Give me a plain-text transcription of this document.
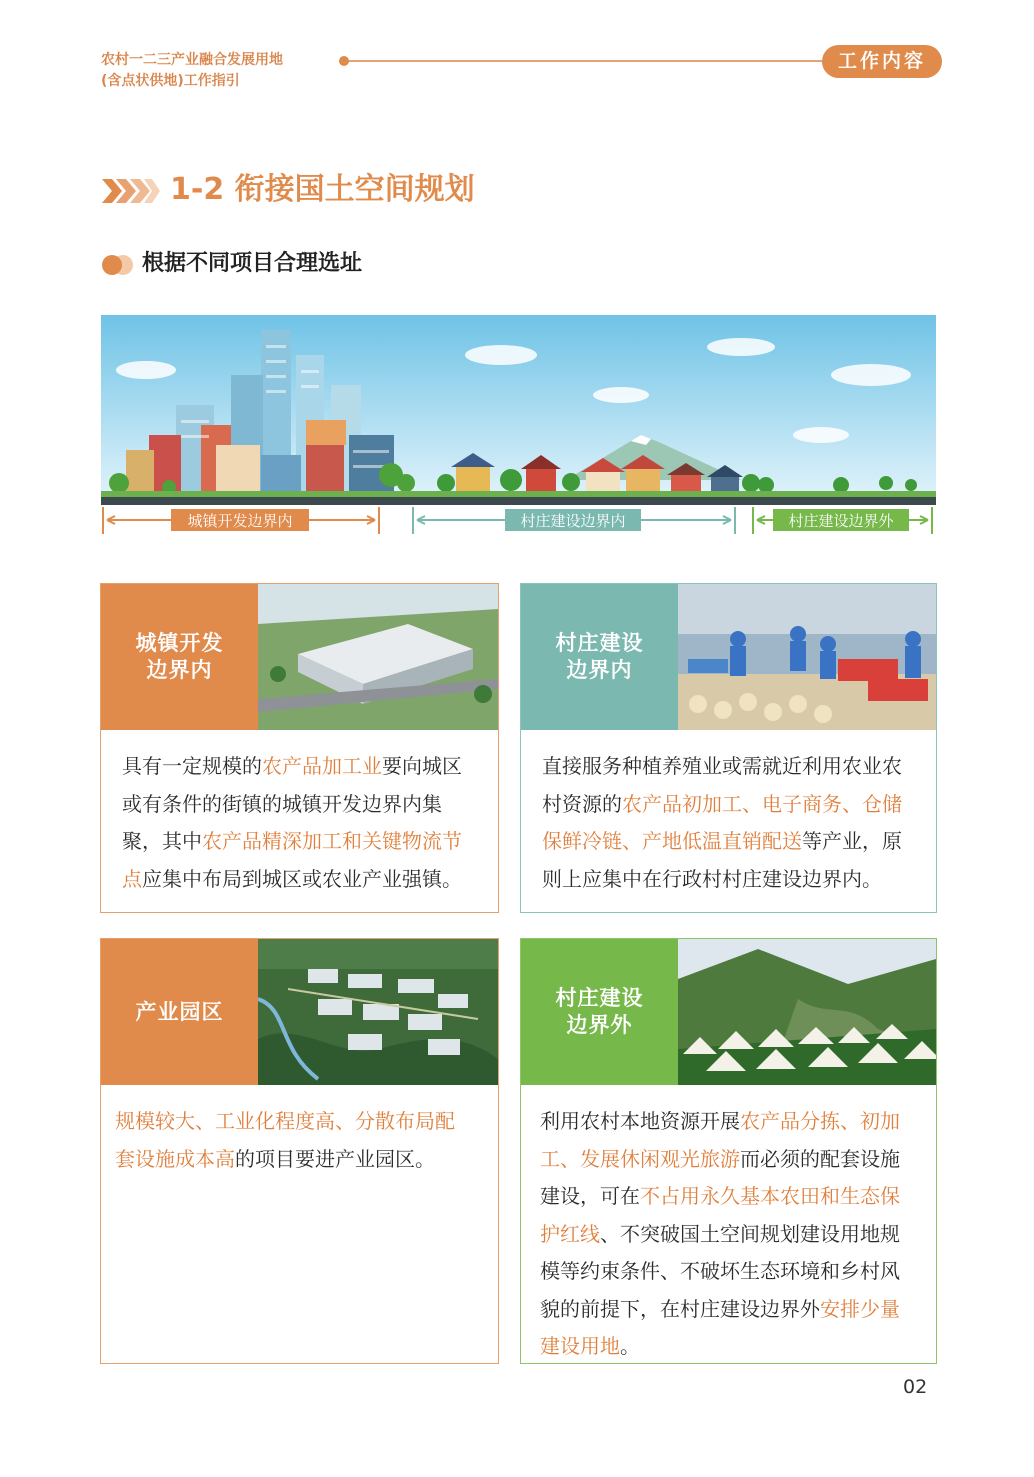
农村一二三产业融合发展用地
(含点状供地)工作指引
工作内容
1-2 衔接国土空间规划
根据不同项目合理选址
城镇开发边界内	村庄建设边界内	村庄建设边界外
城镇开发
边界内
具有一定规模的农产品加工业要向城区
或有条件的街镇的城镇开发边界内集
聚，其中农产品精深加工和关键物流节
点应集中布局到城区或农业产业强镇。
村庄建设
边界内
直接服务种植养殖业或需就近利用农业农
村资源的农产品初加工、电子商务、仓储
保鲜冷链、产地低温直销配送等产业，原
则上应集中在行政村村庄建设边界内。
产业园区
规模较大、工业化程度高、分散布局配
套设施成本高的项目要进产业园区。
村庄建设
边界外
利用农村本地资源开展农产品分拣、初加
工、发展休闲观光旅游而必须的配套设施
建设，可在不占用永久基本农田和生态保
护红线、不突破国土空间规划建设用地规
模等约束条件、不破坏生态环境和乡村风
貌的前提下，在村庄建设边界外安排少量
建设用地。
02
